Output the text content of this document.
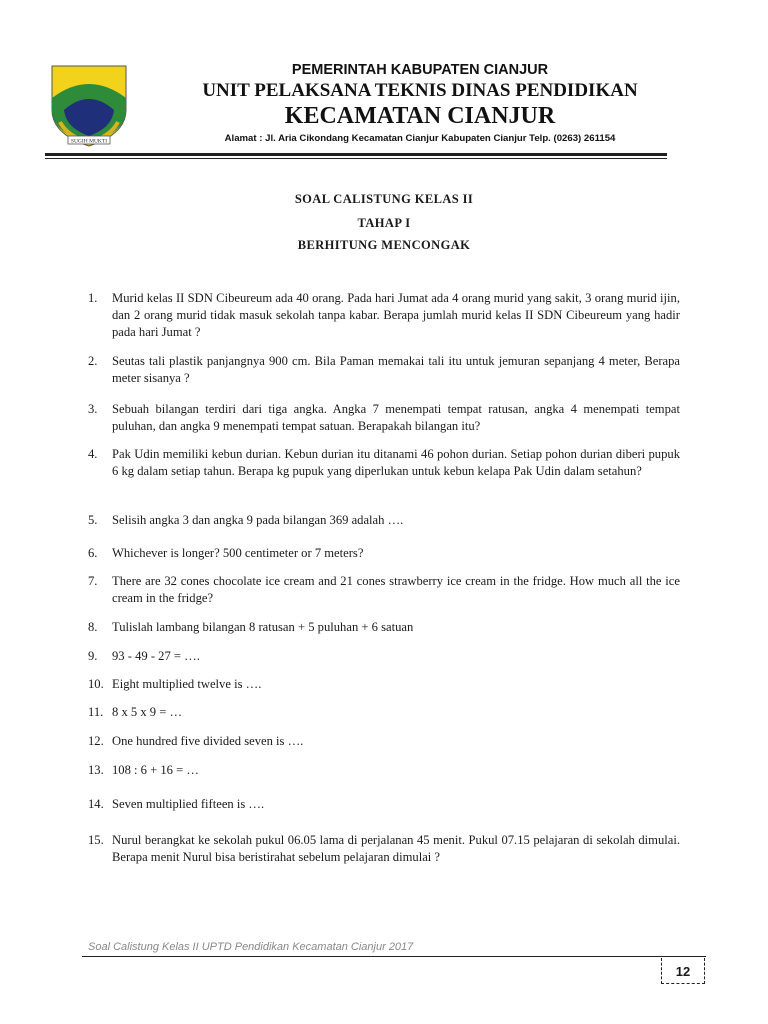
SUGIH MUKTI
PEMERINTAH KABUPATEN CIANJUR
UNIT PELAKSANA TEKNIS DINAS PENDIDIKAN
KECAMATAN CIANJUR
Alamat : Jl. Aria Cikondang Kecamatan Cianjur Kabupaten Cianjur Telp. (0263) 261154
SOAL CALISTUNG KELAS II
TAHAP I
BERHITUNG MENCONGAK
1. Murid kelas II SDN Cibeureum ada 40 orang. Pada hari Jumat ada 4 orang murid yang sakit, 3 orang murid ijin, dan 2 orang murid tidak masuk sekolah tanpa kabar. Berapa jumlah murid kelas II SDN Cibeureum yang hadir pada hari Jumat ?
2. Seutas tali plastik panjangnya 900 cm. Bila Paman memakai tali itu untuk jemuran sepanjang 4 meter, Berapa meter sisanya ?
3. Sebuah bilangan terdiri dari tiga angka. Angka 7 menempati tempat ratusan, angka 4 menempati tempat puluhan, dan angka 9 menempati tempat satuan. Berapakah bilangan itu?
4. Pak Udin memiliki kebun durian. Kebun durian itu ditanami 46 pohon durian. Setiap pohon durian diberi pupuk 6 kg dalam setiap tahun. Berapa kg pupuk yang diperlukan untuk kebun kelapa Pak Udin dalam setahun?
5. Selisih angka 3 dan angka 9 pada bilangan 369 adalah ….
6. Whichever is longer? 500 centimeter or 7 meters?
7. There are 32 cones chocolate ice cream and 21 cones strawberry ice cream in the fridge. How much all the ice cream in the fridge?
8. Tulislah lambang bilangan 8 ratusan + 5 puluhan + 6 satuan
9. 93 - 49 - 27 = ….
10. Eight multiplied twelve is ….
11. 8 x 5 x 9 = …
12. One hundred five divided seven is ….
13. 108 : 6 + 16 = …
14. Seven multiplied fifteen is ….
15. Nurul berangkat ke sekolah pukul 06.05 lama di perjalanan 45 menit. Pukul 07.15 pelajaran di sekolah dimulai. Berapa menit Nurul bisa beristirahat sebelum pelajaran dimulai ?
Soal Calistung Kelas II UPTD Pendidikan Kecamatan Cianjur 2017
12
